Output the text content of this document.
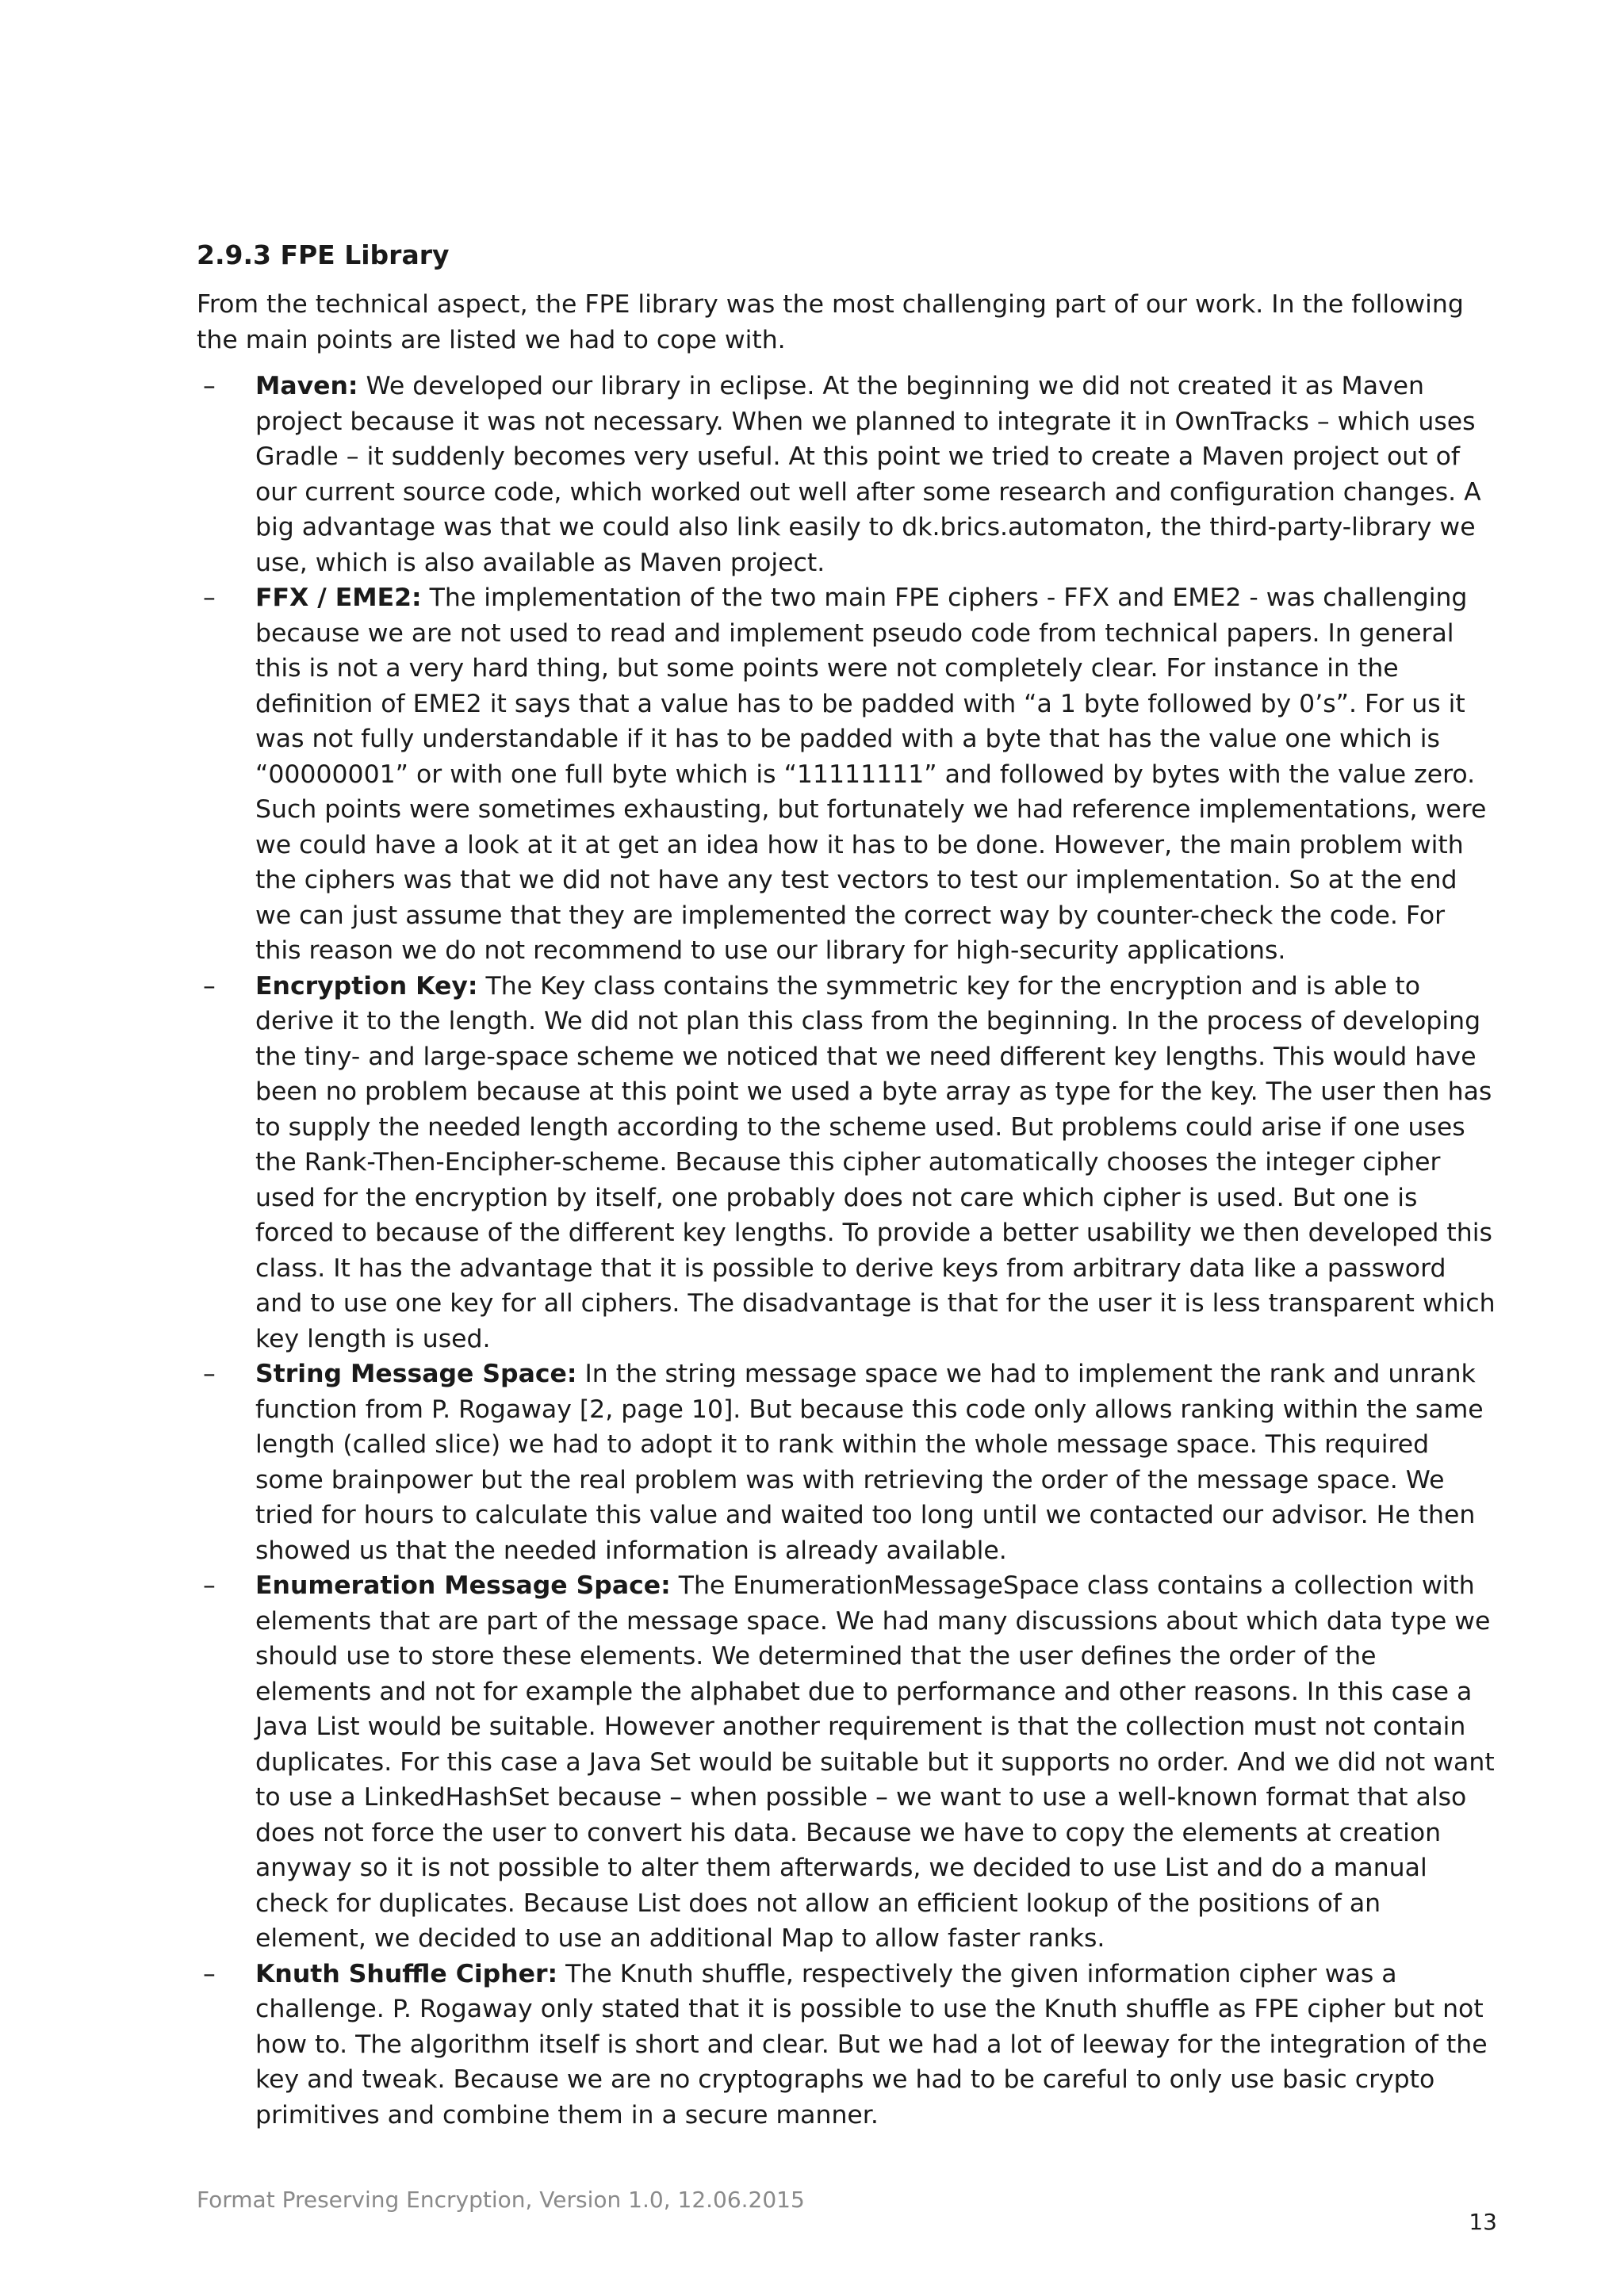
2.9.3 FPE Library

From the technical aspect, the FPE library was the most challenging part of our work. In the following the main points are listed we had to cope with.

– Maven: We developed our library in eclipse. At the beginning we did not created it as Maven project because it was not necessary. When we planned to integrate it in OwnTracks – which uses Gradle – it suddenly becomes very useful. At this point we tried to create a Maven project out of our current source code, which worked out well after some research and configuration changes. A big advantage was that we could also link easily to dk.brics.automaton, the third-party-library we use, which is also available as Maven project.
– FFX / EME2: The implementation of the two main FPE ciphers - FFX and EME2 - was challenging because we are not used to read and implement pseudo code from technical papers. In general this is not a very hard thing, but some points were not completely clear. For instance in the definition of EME2 it says that a value has to be padded with “a 1 byte followed by 0’s”. For us it was not fully understandable if it has to be padded with a byte that has the value one which is “00000001” or with one full byte which is “11111111” and followed by bytes with the value zero. Such points were sometimes exhausting, but fortunately we had reference implementations, were we could have a look at it at get an idea how it has to be done. However, the main problem with the ciphers was that we did not have any test vectors to test our implementation. So at the end we can just assume that they are implemented the correct way by counter-check the code. For this reason we do not recommend to use our library for high-security applications.
– Encryption Key: The Key class contains the symmetric key for the encryption and is able to derive it to the length. We did not plan this class from the beginning. In the process of developing the tiny- and large-space scheme we noticed that we need different key lengths. This would have been no problem because at this point we used a byte array as type for the key. The user then has to supply the needed length according to the scheme used. But problems could arise if one uses the Rank-Then-Encipher-scheme. Because this cipher automatically chooses the integer cipher used for the encryption by itself, one probably does not care which cipher is used. But one is forced to because of the different key lengths. To provide a better usability we then developed this class. It has the advantage that it is possible to derive keys from arbitrary data like a password and to use one key for all ciphers. The disadvantage is that for the user it is less transparent which key length is used.
– String Message Space: In the string message space we had to implement the rank and unrank function from P. Rogaway [2, page 10]. But because this code only allows ranking within the same length (called slice) we had to adopt it to rank within the whole message space. This required some brainpower but the real problem was with retrieving the order of the message space. We tried for hours to calculate this value and waited too long until we contacted our advisor. He then showed us that the needed information is already available.
– Enumeration Message Space: The EnumerationMessageSpace class contains a collection with elements that are part of the message space. We had many discussions about which data type we should use to store these elements. We determined that the user defines the order of the elements and not for example the alphabet due to performance and other reasons. In this case a Java List would be suitable. However another requirement is that the collection must not contain duplicates. For this case a Java Set would be suitable but it supports no order. And we did not want to use a LinkedHashSet because – when possible – we want to use a well-known format that also does not force the user to convert his data. Because we have to copy the elements at creation anyway so it is not possible to alter them afterwards, we decided to use List and do a manual check for duplicates. Because List does not allow an efficient lookup of the positions of an element, we decided to use an additional Map to allow faster ranks.
– Knuth Shuffle Cipher: The Knuth shuffle, respectively the given information cipher was a challenge. P. Rogaway only stated that it is possible to use the Knuth shuffle as FPE cipher but not how to. The algorithm itself is short and clear. But we had a lot of leeway for the integration of the key and tweak. Because we are no cryptographs we had to be careful to only use basic crypto primitives and combine them in a secure manner.
Format Preserving Encryption, Version 1.0, 12.06.2015
13
